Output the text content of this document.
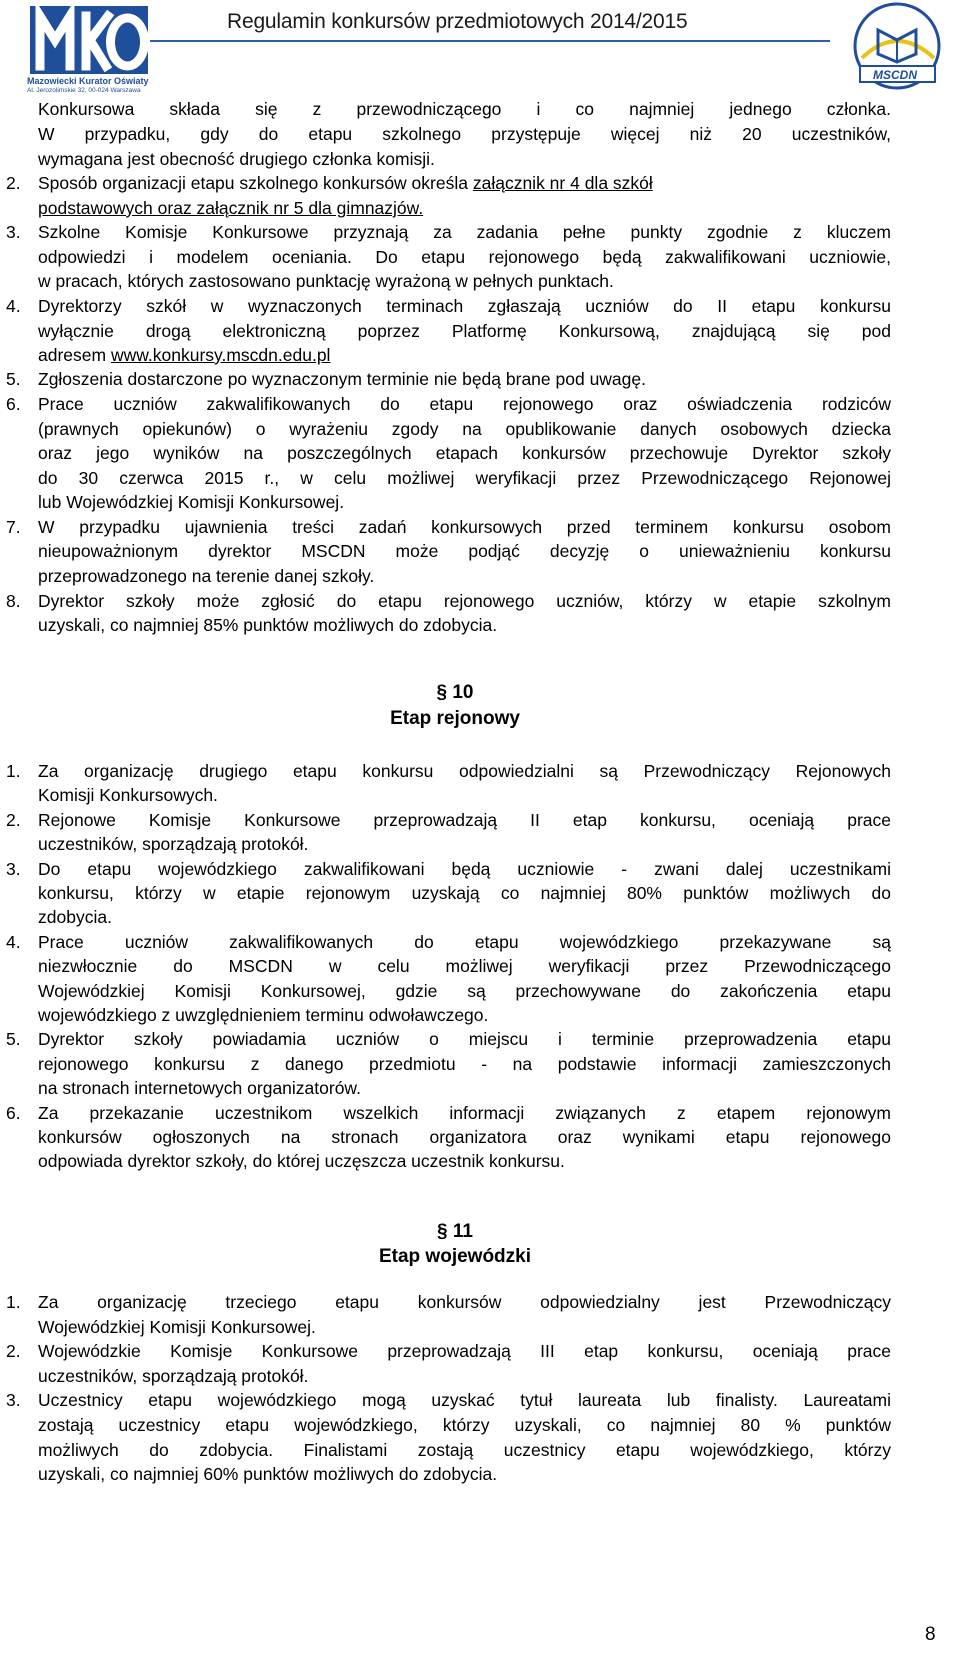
Mazowiecki Kurator Oświaty
Al. Jerozolimskie 32, 00-024 Warszawa
Regulamin konkursów przedmiotowych 2014/2015
MSCDN
Konkursowa składa się z przewodniczącego i co najmniej jednego członka.
W przypadku, gdy do etapu szkolnego przystępuje więcej niż 20 uczestników,
wymagana jest obecność drugiego członka komisji.
2. Sposób organizacji etapu szkolnego konkursów określa załącznik nr 4 dla szkół
podstawowych oraz załącznik nr 5 dla gimnazjów.
3. Szkolne Komisje Konkursowe przyznają za zadania pełne punkty zgodnie z kluczem
odpowiedzi i modelem oceniania. Do etapu rejonowego będą zakwalifikowani uczniowie,
w pracach, których zastosowano punktację wyrażoną w pełnych punktach.
4. Dyrektorzy szkół w wyznaczonych terminach zgłaszają uczniów do II etapu konkursu
wyłącznie drogą elektroniczną poprzez Platformę Konkursową, znajdującą się pod
adresem www.konkursy.mscdn.edu.pl
5. Zgłoszenia dostarczone po wyznaczonym terminie nie będą brane pod uwagę.
6. Prace uczniów zakwalifikowanych do etapu rejonowego oraz oświadczenia rodziców
(prawnych opiekunów) o wyrażeniu zgody na opublikowanie danych osobowych dziecka
oraz jego wyników na poszczególnych etapach konkursów przechowuje Dyrektor szkoły
do 30 czerwca 2015 r., w celu możliwej weryfikacji przez Przewodniczącego Rejonowej
lub Wojewódzkiej Komisji Konkursowej.
7. W przypadku ujawnienia treści zadań konkursowych przed terminem konkursu osobom
nieupoważnionym dyrektor MSCDN może podjąć decyzję o unieważnieniu konkursu
przeprowadzonego na terenie danej szkoły.
8. Dyrektor szkoły może zgłosić do etapu rejonowego uczniów, którzy w etapie szkolnym
uzyskali, co najmniej 85% punktów możliwych do zdobycia.
§ 10
Etap rejonowy
1. Za organizację drugiego etapu konkursu odpowiedzialni są Przewodniczący Rejonowych
Komisji Konkursowych.
2. Rejonowe Komisje Konkursowe przeprowadzają II etap konkursu, oceniają prace
uczestników, sporządzają protokół.
3. Do etapu wojewódzkiego zakwalifikowani będą uczniowie - zwani dalej uczestnikami
konkursu, którzy w etapie rejonowym uzyskają co najmniej 80% punktów możliwych do
zdobycia.
4. Prace uczniów zakwalifikowanych do etapu wojewódzkiego przekazywane są
niezwłocznie do MSCDN w celu możliwej weryfikacji przez Przewodniczącego
Wojewódzkiej Komisji Konkursowej, gdzie są przechowywane do zakończenia etapu
wojewódzkiego z uwzględnieniem terminu odwoławczego.
5. Dyrektor szkoły powiadamia uczniów o miejscu i terminie przeprowadzenia etapu
rejonowego konkursu z danego przedmiotu - na podstawie informacji zamieszczonych
na stronach internetowych organizatorów.
6. Za przekazanie uczestnikom wszelkich informacji związanych z etapem rejonowym
konkursów ogłoszonych na stronach organizatora oraz wynikami etapu rejonowego
odpowiada dyrektor szkoły, do której uczęszcza uczestnik konkursu.
§ 11
Etap wojewódzki
1. Za organizację trzeciego etapu konkursów odpowiedzialny jest Przewodniczący
Wojewódzkiej Komisji Konkursowej.
2. Wojewódzkie Komisje Konkursowe przeprowadzają III etap konkursu, oceniają prace
uczestników, sporządzają protokół.
3. Uczestnicy etapu wojewódzkiego mogą uzyskać tytuł laureata lub finalisty. Laureatami
zostają uczestnicy etapu wojewódzkiego, którzy uzyskali, co najmniej 80 % punktów
możliwych do zdobycia. Finalistami zostają uczestnicy etapu wojewódzkiego, którzy
uzyskali, co najmniej 60% punktów możliwych do zdobycia.
8
